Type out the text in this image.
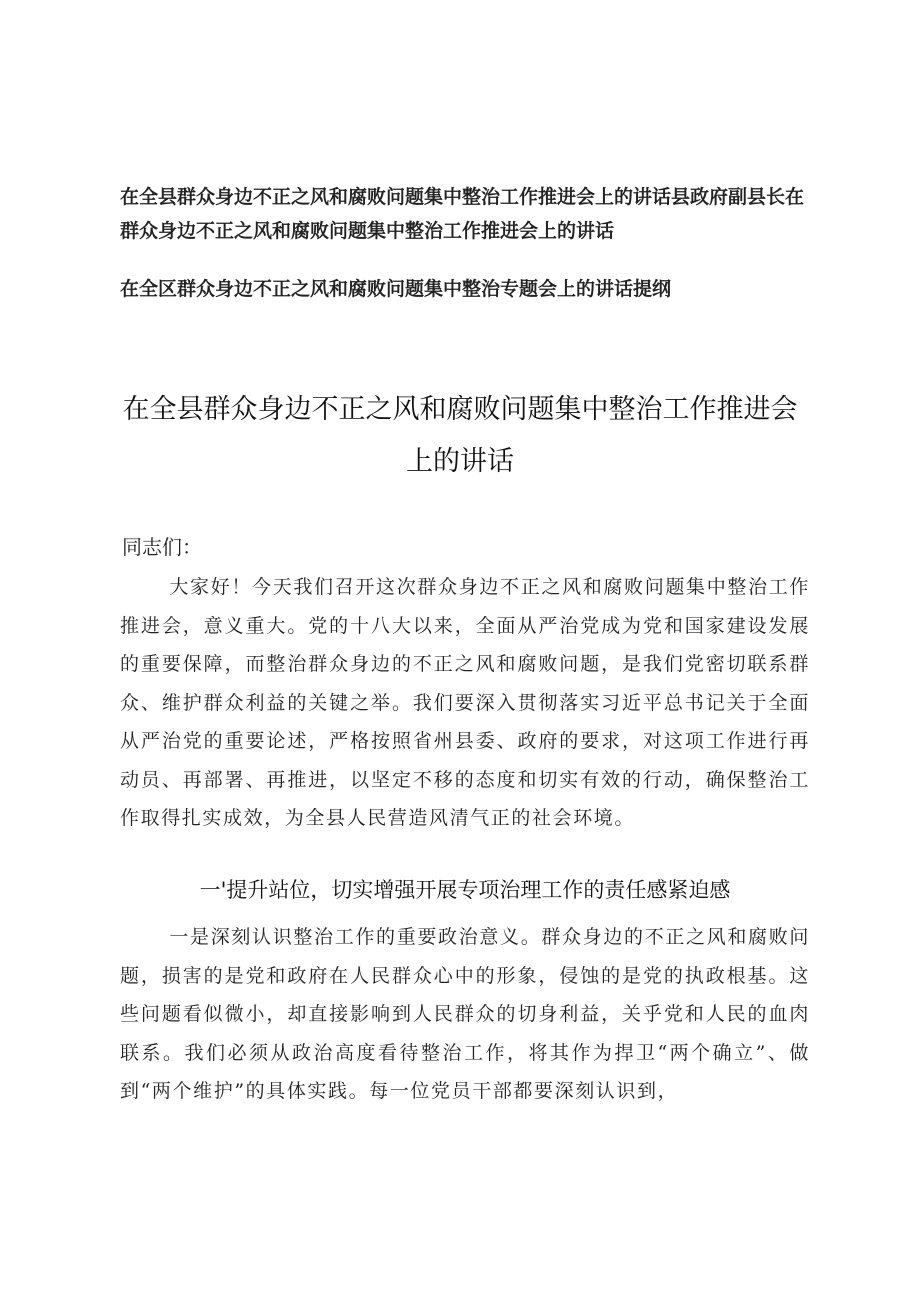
在全县群众身边不正之风和腐败问题集中整治工作推进会上的讲话县政府副县长在群众身边不正之风和腐败问题集中整治工作推进会上的讲话
在全区群众身边不正之风和腐败问题集中整治专题会上的讲话提纲
在全县群众身边不正之风和腐败问题集中整治工作推进会上的讲话
同志们：
大家好！今天我们召开这次群众身边不正之风和腐败问题集中整治工作推进会，意义重大。党的十八大以来，全面从严治党成为党和国家建设发展的重要保障，而整治群众身边的不正之风和腐败问题，是我们党密切联系群众、维护群众利益的关键之举。我们要深入贯彻落实习近平总书记关于全面从严治党的重要论述，严格按照省州县委、政府的要求，对这项工作进行再动员、再部署、再推进，以坚定不移的态度和切实有效的行动，确保整治工作取得扎实成效，为全县人民营造风清气正的社会环境。
一'提升站位，切实增强开展专项治理工作的责任感紧迫感
一是深刻认识整治工作的重要政治意义。群众身边的不正之风和腐败问题，损害的是党和政府在人民群众心中的形象，侵蚀的是党的执政根基。这些问题看似微小，却直接影响到人民群众的切身利益，关乎党和人民的血肉联系。我们必须从政治高度看待整治工作，将其作为捍卫“两个确立”、做到“两个维护”的具体实践。每一位党员干部都要深刻认识到，
